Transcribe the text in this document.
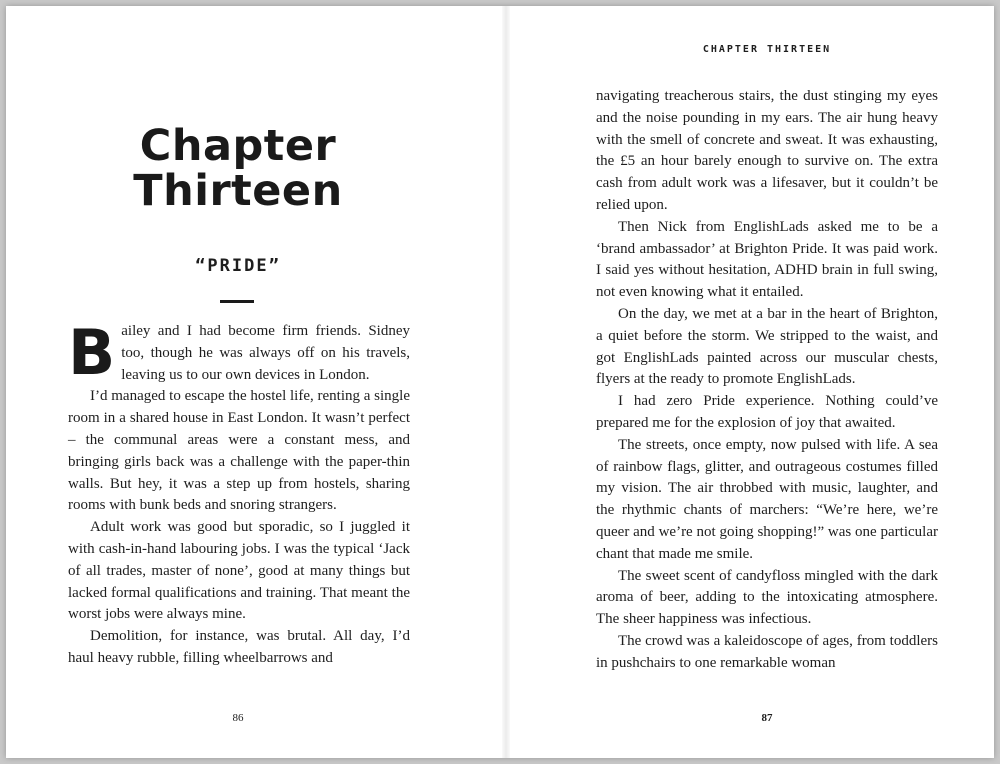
Chapter
Thirteen
“PRIDE”

Bailey and I had become firm friends. Sidney too, though he was always off on his travels, leaving us to our own devices in London.

I’d managed to escape the hostel life, renting a single room in a shared house in East London. It wasn’t perfect – the communal areas were a constant mess, and bringing girls back was a challenge with the paper-thin walls. But hey, it was a step up from hostels, sharing rooms with bunk beds and snoring strangers.

Adult work was good but sporadic, so I juggled it with cash-in-hand labouring jobs. I was the typical ‘Jack of all trades, master of none’, good at many things but lacked formal qualifications and training. That meant the worst jobs were always mine.

Demolition, for instance, was brutal. All day, I’d haul heavy rubble, filling wheelbarrows and

86
CHAPTER THIRTEEN

navigating treacherous stairs, the dust stinging my eyes and the noise pounding in my ears. The air hung heavy with the smell of concrete and sweat. It was exhausting, the £5 an hour barely enough to survive on. The extra cash from adult work was a lifesaver, but it couldn’t be relied upon.

Then Nick from EnglishLads asked me to be a ‘brand ambassador’ at Brighton Pride. It was paid work. I said yes without hesitation, ADHD brain in full swing, not even knowing what it entailed.

On the day, we met at a bar in the heart of Brighton, a quiet before the storm. We stripped to the waist, and got EnglishLads painted across our muscular chests, flyers at the ready to promote EnglishLads.

I had zero Pride experience. Nothing could’ve prepared me for the explosion of joy that awaited.

The streets, once empty, now pulsed with life. A sea of rainbow flags, glitter, and outrageous costumes filled my vision. The air throbbed with music, laughter, and the rhythmic chants of marchers: “We’re here, we’re queer and we’re not going shopping!” was one particular chant that made me smile.

The sweet scent of candyfloss mingled with the dark aroma of beer, adding to the intoxicating atmosphere. The sheer happiness was infectious.

The crowd was a kaleidoscope of ages, from toddlers in pushchairs to one remarkable woman

87
